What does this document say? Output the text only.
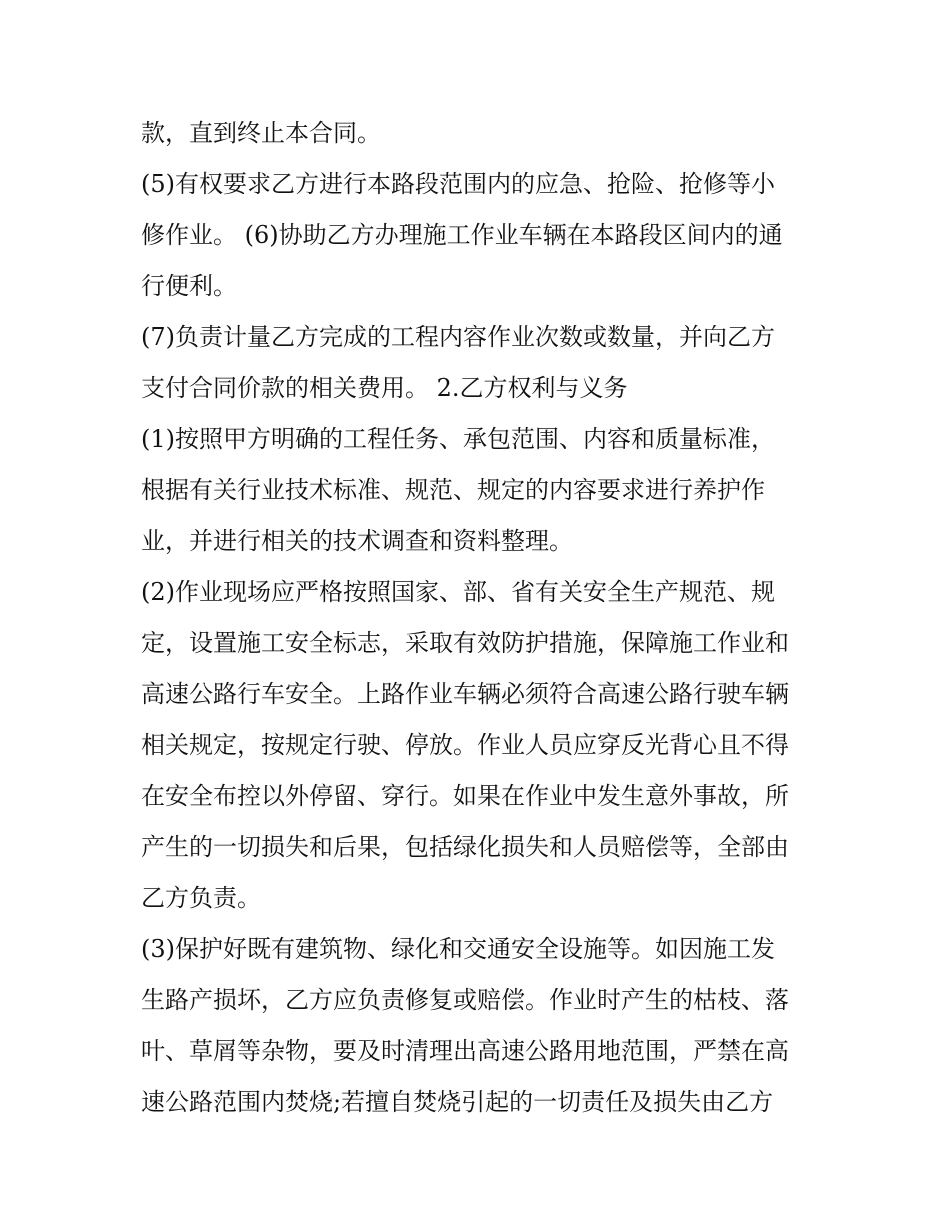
款，直到终止本合同。
(5)有权要求乙方进行本路段范围内的应急、抢险、抢修等小
修作业。 (6)协助乙方办理施工作业车辆在本路段区间内的通
行便利。
(7)负责计量乙方完成的工程内容作业次数或数量，并向乙方
支付合同价款的相关费用。 2.乙方权利与义务
(1)按照甲方明确的工程任务、承包范围、内容和质量标准，
根据有关行业技术标准、规范、规定的内容要求进行养护作
业，并进行相关的技术调查和资料整理。
(2)作业现场应严格按照国家、部、省有关安全生产规范、规
定，设置施工安全标志，采取有效防护措施，保障施工作业和
高速公路行车安全。上路作业车辆必须符合高速公路行驶车辆
相关规定，按规定行驶、停放。作业人员应穿反光背心且不得
在安全布控以外停留、穿行。如果在作业中发生意外事故，所
产生的一切损失和后果，包括绿化损失和人员赔偿等，全部由
乙方负责。
(3)保护好既有建筑物、绿化和交通安全设施等。如因施工发
生路产损坏，乙方应负责修复或赔偿。作业时产生的枯枝、落
叶、草屑等杂物，要及时清理出高速公路用地范围，严禁在高
速公路范围内焚烧;若擅自焚烧引起的一切责任及损失由乙方
